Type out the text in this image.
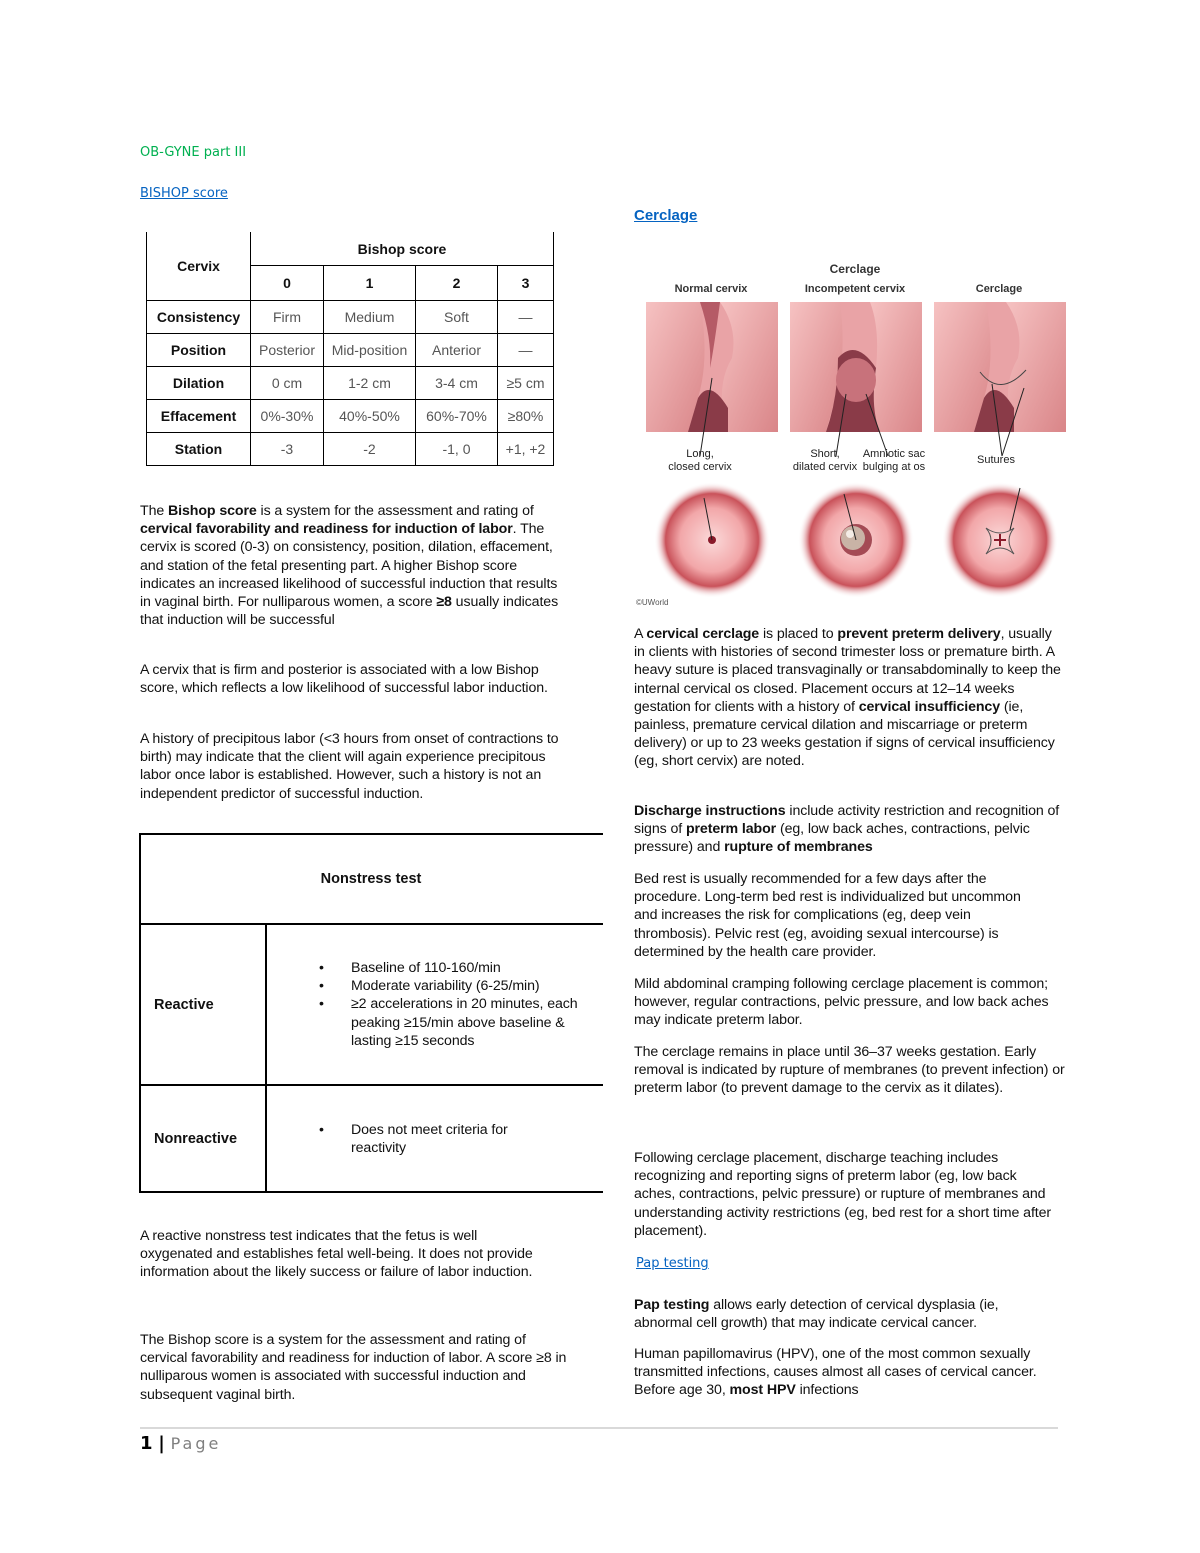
OB-GYNE part III
BISHOP score
Cervix	Bishop score			
	0	1	2	3
Consistency	Firm	Medium	Soft	—
Position	Posterior	Mid-position	Anterior	—
Dilation	0 cm	1-2 cm	3-4 cm	≥5 cm
Effacement	0%-30%	40%-50%	60%-70%	≥80%
Station	-3	-2	-1, 0	+1, +2
The Bishop score is a system for the assessment and rating of cervical favorability and readiness for induction of labor. The cervix is scored (0-3) on consistency, position, dilation, effacement, and station of the fetal presenting part. A higher Bishop score indicates an increased likelihood of successful induction that results in vaginal birth. For nulliparous women, a score ≥8 usually indicates that induction will be successful
A cervix that is firm and posterior is associated with a low Bishop score, which reflects a low likelihood of successful labor induction.
A history of precipitous labor (<3 hours from onset of contractions to birth) may indicate that the client will again experience precipitous labor once labor is established. However, such a history is not an independent predictor of successful induction.
Nonstress test
Reactive
• Baseline of 110-160/min
• Moderate variability (6-25/min)
• ≥2 accelerations in 20 minutes, each peaking ≥15/min above baseline & lasting ≥15 seconds
Nonreactive
• Does not meet criteria for reactivity
A reactive nonstress test indicates that the fetus is well oxygenated and establishes fetal well-being. It does not provide information about the likely success or failure of labor induction.
The Bishop score is a system for the assessment and rating of cervical favorability and readiness for induction of labor. A score ≥8 in nulliparous women is associated with successful induction and subsequent vaginal birth.
Cerclage
Cerclage
Normal cervix	Incompetent cervix	Cerclage
Long,
closed cervix
Short,
dilated cervix
Amniotic sac
bulging at os
Sutures
©UWorld
A cervical cerclage is placed to prevent preterm delivery, usually in clients with histories of second trimester loss or premature birth. A heavy suture is placed transvaginally or transabdominally to keep the internal cervical os closed. Placement occurs at 12–14 weeks gestation for clients with a history of cervical insufficiency (ie, painless, premature cervical dilation and miscarriage or preterm delivery) or up to 23 weeks gestation if signs of cervical insufficiency (eg, short cervix) are noted.
Discharge instructions include activity restriction and recognition of signs of preterm labor (eg, low back aches, contractions, pelvic pressure) and rupture of membranes
Bed rest is usually recommended for a few days after the procedure. Long-term bed rest is individualized but uncommon and increases the risk for complications (eg, deep vein thrombosis). Pelvic rest (eg, avoiding sexual intercourse) is determined by the health care provider.
Mild abdominal cramping following cerclage placement is common; however, regular contractions, pelvic pressure, and low back aches may indicate preterm labor.
The cerclage remains in place until 36–37 weeks gestation. Early removal is indicated by rupture of membranes (to prevent infection) or preterm labor (to prevent damage to the cervix as it dilates).
Following cerclage placement, discharge teaching includes recognizing and reporting signs of preterm labor (eg, low back aches, contractions, pelvic pressure) or rupture of membranes and understanding activity restrictions (eg, bed rest for a short time after placement).
Pap testing
Pap testing allows early detection of cervical dysplasia (ie, abnormal cell growth) that may indicate cervical cancer.
Human papillomavirus (HPV), one of the most common sexually transmitted infections, causes almost all cases of cervical cancer. Before age 30, most HPV infections
1 | Page
